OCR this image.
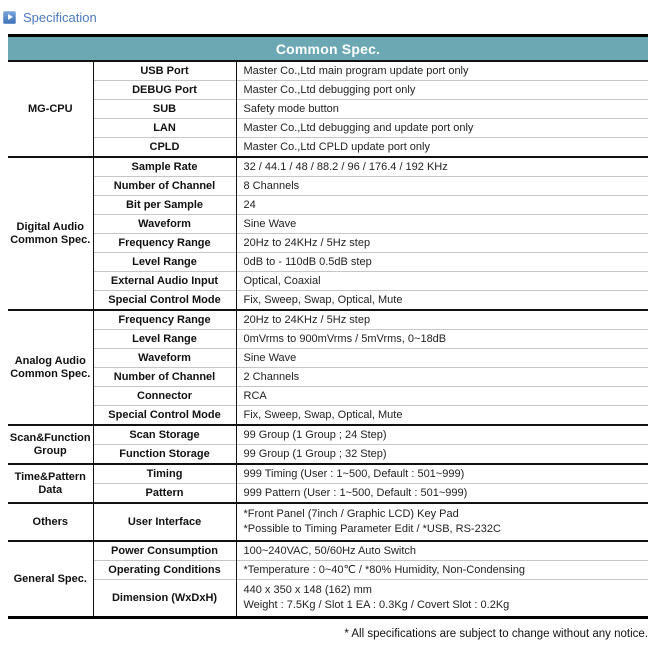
Specification
Common Spec.		
MG-CPU	USB Port	Master Co.,Ltd main program update port only

	DEBUG Port	Master Co.,Ltd debugging port only

	SUB	Safety mode button

	LAN	Master Co.,Ltd debugging and update port only

	CPLD	Master Co.,Ltd CPLD update port only

Digital Audio Common Spec.	Sample Rate	32 / 44.1 / 48 / 88.2 / 96 / 176.4 / 192 KHz

	Number of Channel	8 Channels

	Bit per Sample	24

	Waveform	Sine Wave

	Frequency Range	20Hz to 24KHz / 5Hz step

	Level Range	0dB to - 110dB 0.5dB step

	External Audio Input	Optical, Coaxial

	Special Control Mode	Fix, Sweep, Swap, Optical, Mute

Analog Audio Common Spec.	Frequency Range	20Hz to 24KHz / 5Hz step

	Level Range	0mVrms to 900mVrms / 5mVrms, 0~18dB

	Waveform	Sine Wave

	Number of Channel	2 Channels

	Connector	RCA

	Special Control Mode	Fix, Sweep, Swap, Optical, Mute

Scan&Function Group	Scan Storage	99 Group (1 Group ; 24 Step)

	Function Storage	99 Group (1 Group ; 32 Step)

Time&Pattern Data	Timing	999 Timing (User : 1~500, Default : 501~999)

	Pattern	999 Pattern (User : 1~500, Default : 501~999)

Others	User Interface	*Front Panel (7inch / Graphic LCD) Key Pad
*Possible to Timing Parameter Edit / *USB, RS-232C

General Spec.	Power Consumption	100~240VAC, 50/60Hz Auto Switch

	Operating Conditions	*Temperature : 0~40℃ / *80% Humidity, Non-Condensing

	Dimension (WxDxH)	440 x 350 x 148 (162) mm
Weight : 7.5Kg / Slot 1 EA : 0.3Kg / Covert Slot : 0.2Kg
* All specifications are subject to change without any notice.
